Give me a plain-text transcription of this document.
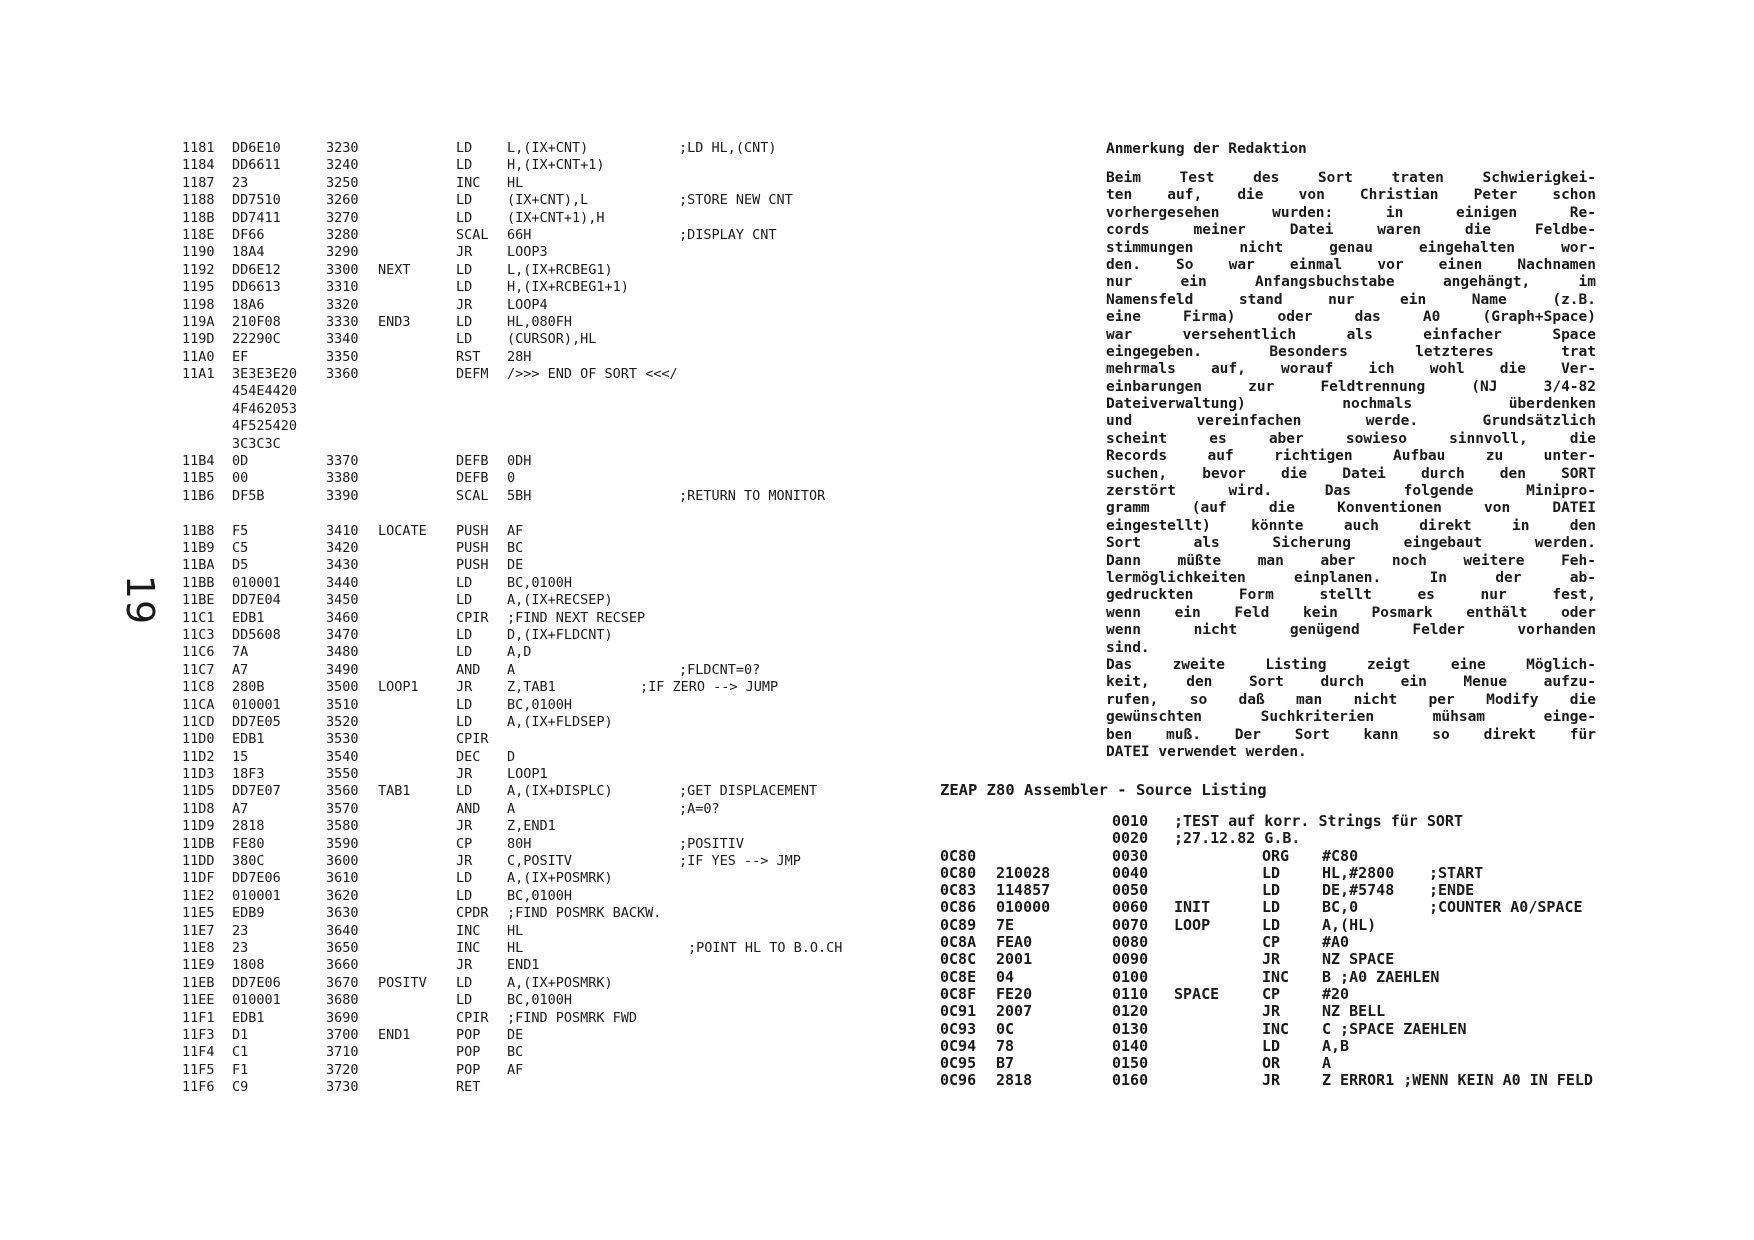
19
1181 DD6E10	3230	LD	L,(IX+CNT)	;LD HL,(CNT)
1184 DD6611	3240	LD	H,(IX+CNT+1)
1187 23	3250	INC HL
1188 DD7510	3260	LD	(IX+CNT),L	;STORE NEW CNT
118B DD7411	3270	LD	(IX+CNT+1),H
118E DF66	3280	SCAL 66H	;DISPLAY CNT
1190 18A4	3290	JR	LOOP3
1192 DD6E12	3300 NEXT	LD	L,(IX+RCBEG1)
1195 DD6613	3310	LD	H,(IX+RCBEG1+1)
1198 18A6	3320	JR	LOOP4
119A 210F08	3330 END3	LD	HL,080FH
119D 22290C	3340	LD	(CURSOR),HL
11A0 EF	3350	RST 28H
11A1 3E3E3E20 3360	DEFM />>> END OF SORT <<</
454E4420
4F462053
4F525420
3C3C3C
11B4 0D	3370	DEFB 0DH
11B5 00	3380	DEFB 0
11B6 DF5B	3390	SCAL 5BH	;RETURN TO MONITOR
11B8 F5	3410 LOCATE PUSH AF
11B9 C5	3420	PUSH BC
11BA D5	3430	PUSH DE
11BB 010001	3440	LD	BC,0100H
11BE DD7E04	3450	LD	A,(IX+RECSEP)
11C1 EDB1	3460	CPIR ;FIND NEXT RECSEP
11C3 DD5608	3470	LD	D,(IX+FLDCNT)
11C6 7A	3480	LD	A,D
11C7 A7	3490	AND A	;FLDCNT=0?
11C8 280B	3500 LOOP1	JR	Z,TAB1	;IF ZERO --> JUMP
11CA 010001	3510	LD	BC,0100H
11CD DD7E05	3520	LD	A,(IX+FLDSEP)
11D0 EDB1	3530	CPIR
11D2 15	3540	DEC D
11D3 18F3	3550	JR	LOOP1
11D5 DD7E07	3560 TAB1	LD	A,(IX+DISPLC)	;GET DISPLACEMENT
11D8 A7	3570	AND A	;A=0?
11D9 2818	3580	JR	Z,END1
11DB FE80	3590	CP	80H	;POSITIV
11DD 380C	3600	JR	C,POSITV	;IF YES --> JMP
11DF DD7E06	3610	LD	A,(IX+POSMRK)
11E2 010001	3620	LD	BC,0100H
11E5 EDB9	3630	CPDR ;FIND POSMRK BACKW.
11E7 23	3640	INC HL
11E8 23	3650	INC HL	;POINT HL TO B.O.CH
11E9 1808	3660	JR	END1
11EB DD7E06	3670 POSITV LD	A,(IX+POSMRK)
11EE 010001	3680	LD	BC,0100H
11F1 EDB1	3690	CPIR ;FIND POSMRK FWD
11F3 D1	3700 END1	POP DE
11F4 C1	3710	POP BC
11F5 F1	3720	POP AF
11F6 C9	3730	RET
Anmerkung der Redaktion
Beim Test des Sort traten Schwierigkei-
ten auf, die von Christian Peter schon
vorhergesehen wurden: in einigen Re-
cords meiner Datei waren die Feldbe-
stimmungen nicht genau eingehalten wor-
den. So war einmal vor einen Nachnamen
nur ein Anfangsbuchstabe angehängt, im
Namensfeld stand nur ein Name (z.B.
eine Firma) oder das A0 (Graph+Space)
war versehentlich als einfacher Space
eingegeben. Besonders letzteres trat
mehrmals auf, worauf ich wohl die Ver-
einbarungen zur Feldtrennung (NJ 3/4-82
Dateiverwaltung) nochmals überdenken
und vereinfachen werde. Grundsätzlich
scheint es aber sowieso sinnvoll, die
Records auf richtigen Aufbau zu unter-
suchen, bevor die Datei durch den SORT
zerstört wird. Das folgende Minipro-
gramm (auf die Konventionen von DATEI
eingestellt) könnte auch direkt in den
Sort als Sicherung eingebaut werden.
Dann müßte man aber noch weitere Feh-
lermöglichkeiten einplanen. In der ab-
gedruckten Form stellt es nur fest,
wenn ein Feld kein Posmark enthält oder
wenn nicht genügend Felder vorhanden
sind.
Das zweite Listing zeigt eine Möglich-
keit, den Sort durch ein Menue aufzu-
rufen, so daß man nicht per Modify die
gewünschten Suchkriterien mühsam einge-
ben muß. Der Sort kann so direkt für
DATEI verwendet werden.
ZEAP Z80 Assembler - Source Listing
0010 ;TEST auf korr. Strings für SORT
0020 ;27.12.82 G.B.
0C80	0030	ORG #C80
0C80 210028	0040	LD	HL,#2800 ;START
0C83 114857	0050	LD	DE,#5748 ;ENDE
0C86 010000	0060 INIT	LD	BC,0	;COUNTER A0/SPACE
0C89 7E	0070 LOOP	LD	A,(HL)
0C8A FEA0	0080	CP	#A0
0C8C 2001	0090	JR	NZ SPACE
0C8E 04	0100	INC B ;A0 ZAEHLEN
0C8F FE20	0110 SPACE	CP	#20
0C91 2007	0120	JR	NZ BELL
0C93 0C	0130	INC C ;SPACE ZAEHLEN
0C94 78	0140	LD	A,B
0C95 B7	0150	OR	A
0C96 2818	0160	JR	Z ERROR1 ;WENN KEIN A0 IN FELD
